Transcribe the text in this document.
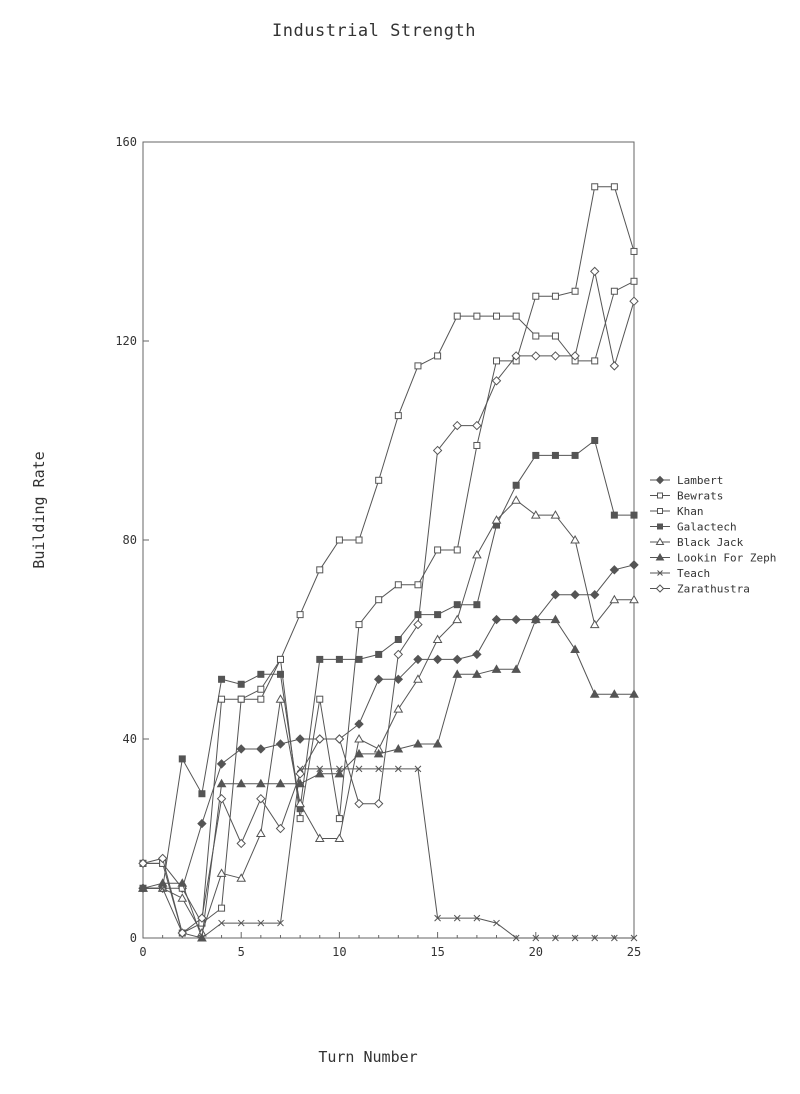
Industrial Strength
Building Rate
Turn Number
0
40
80
120
160
0	5	10	15	20	25
Lambert
Bewrats
Khan
Galactech
Black Jack
Lookin For Zeph
Teach
Zarathustra
